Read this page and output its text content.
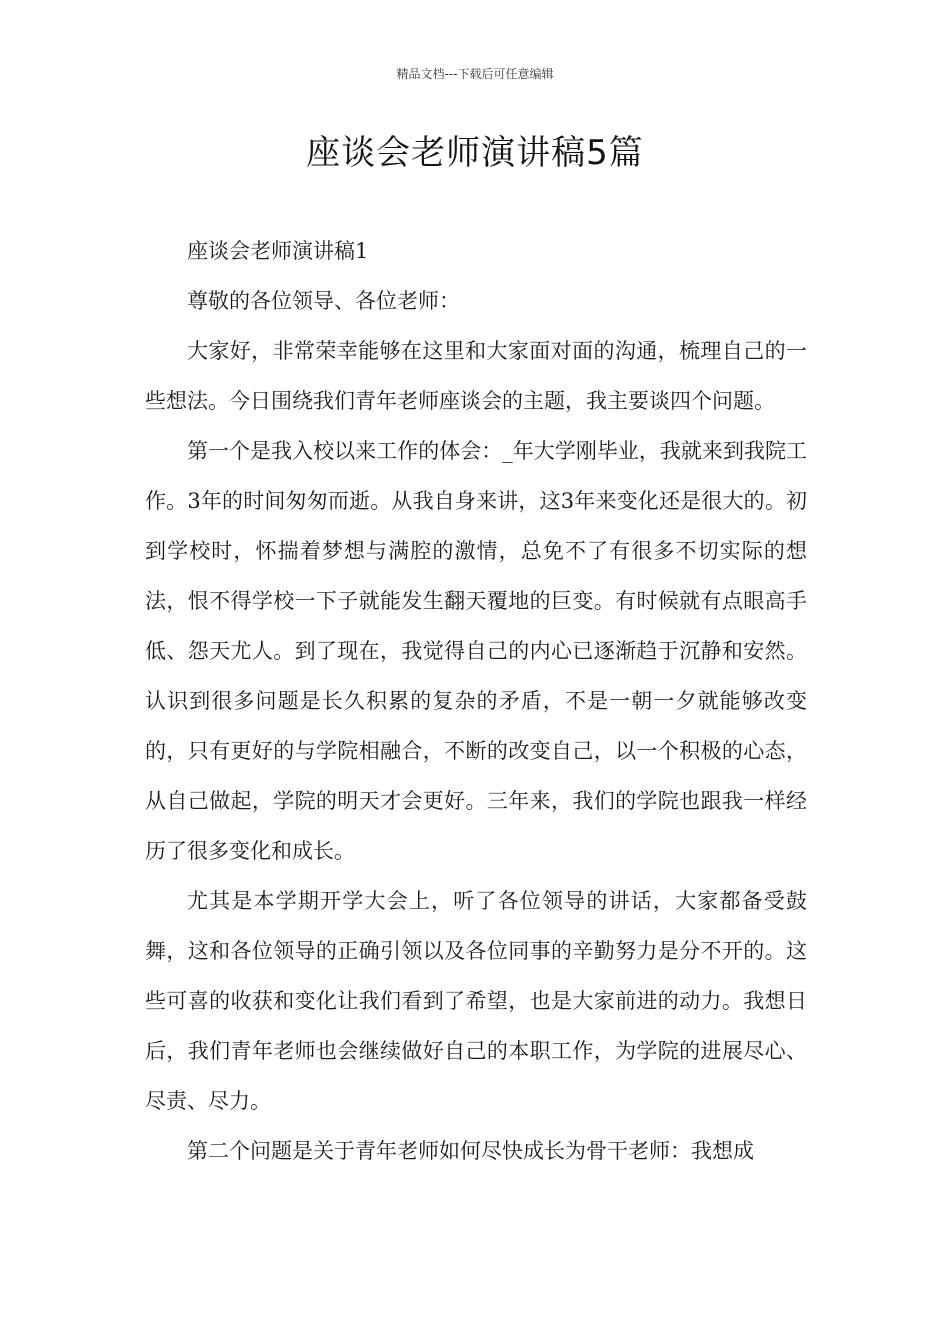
精品文档---下载后可任意编辑
座谈会老师演讲稿5篇

座谈会老师演讲稿1

尊敬的各位领导、各位老师：

大家好，非常荣幸能够在这里和大家面对面的沟通，梳理自己的一些想法。今日围绕我们青年老师座谈会的主题，我主要谈四个问题。

第一个是我入校以来工作的体会：_年大学刚毕业，我就来到我院工作。3年的时间匆匆而逝。从我自身来讲，这3年来变化还是很大的。初到学校时，怀揣着梦想与满腔的激情，总免不了有很多不切实际的想法，恨不得学校一下子就能发生翻天覆地的巨变。有时候就有点眼高手低、怨天尤人。到了现在，我觉得自己的内心已逐渐趋于沉静和安然。认识到很多问题是长久积累的复杂的矛盾，不是一朝一夕就能够改变的，只有更好的与学院相融合，不断的改变自己，以一个积极的心态，从自己做起，学院的明天才会更好。三年来，我们的学院也跟我一样经历了很多变化和成长。

尤其是本学期开学大会上，听了各位领导的讲话，大家都备受鼓舞，这和各位领导的正确引领以及各位同事的辛勤努力是分不开的。这些可喜的收获和变化让我们看到了希望，也是大家前进的动力。我想日后，我们青年老师也会继续做好自己的本职工作，为学院的进展尽心、尽责、尽力。

第二个问题是关于青年老师如何尽快成长为骨干老师：我想成
